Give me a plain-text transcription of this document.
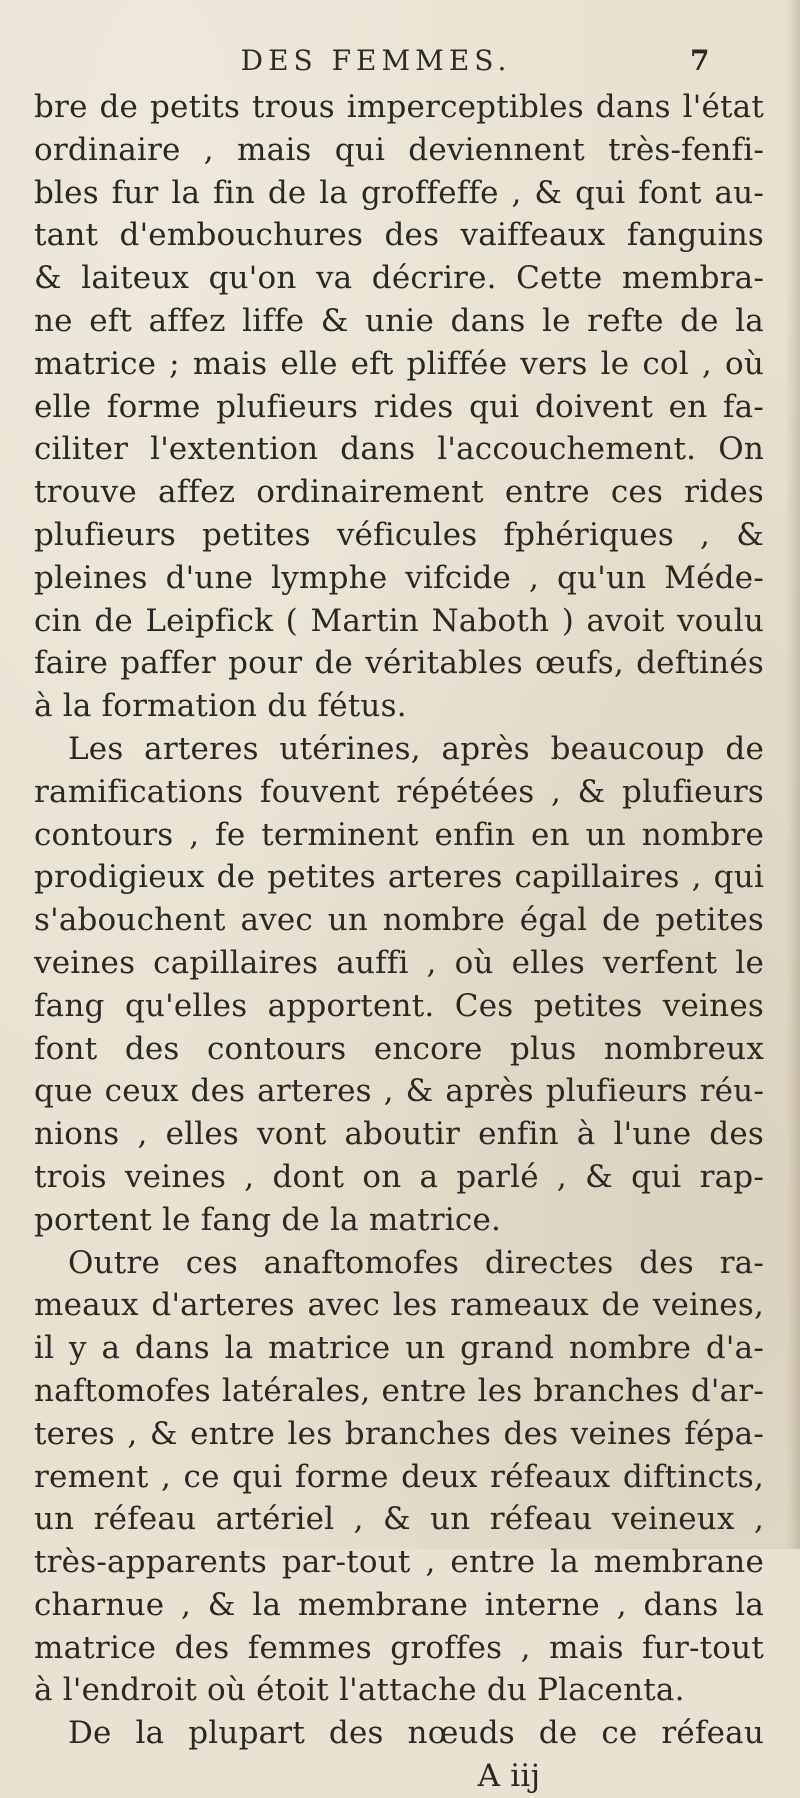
DES FEMMES.	7
bre de petits trous imperceptibles dans l'état
ordinaire , mais qui deviennent très-fenfi-
bles fur la fin de la groffeffe , & qui font au-
tant d'embouchures des vaiffeaux fanguins
& laiteux qu'on va décrire. Cette membra-
ne eft affez liffe & unie dans le refte de la
matrice ; mais elle eft pliffée vers le col , où
elle forme plufieurs rides qui doivent en fa-
ciliter l'extention dans l'accouchement. On
trouve affez ordinairement entre ces rides
plufieurs petites véficules fphériques , &
pleines d'une lymphe vifcide , qu'un Méde-
cin de Leipfick ( Martin Naboth ) avoit voulu
faire paffer pour de véritables œufs, deftinés
à la formation du fétus.
Les arteres utérines, après beaucoup de
ramifications fouvent répétées , & plufieurs
contours , fe terminent enfin en un nombre
prodigieux de petites arteres capillaires , qui
s'abouchent avec un nombre égal de petites
veines capillaires auffi , où elles verfent le
fang qu'elles apportent. Ces petites veines
font des contours encore plus nombreux
que ceux des arteres , & après plufieurs réu-
nions , elles vont aboutir enfin à l'une des
trois veines , dont on a parlé , & qui rap-
portent le fang de la matrice.
Outre ces anaftomofes directes des ra-
meaux d'arteres avec les rameaux de veines,
il y a dans la matrice un grand nombre d'a-
naftomofes latérales, entre les branches d'ar-
teres , & entre les branches des veines fépa-
rement , ce qui forme deux réfeaux diftincts,
un réfeau artériel , & un réfeau veineux ,
très-apparents par-tout , entre la membrane
charnue , & la membrane interne , dans la
matrice des femmes groffes , mais fur-tout
à l'endroit où étoit l'attache du Placenta.
De la plupart des nœuds de ce réfeau
A iij
